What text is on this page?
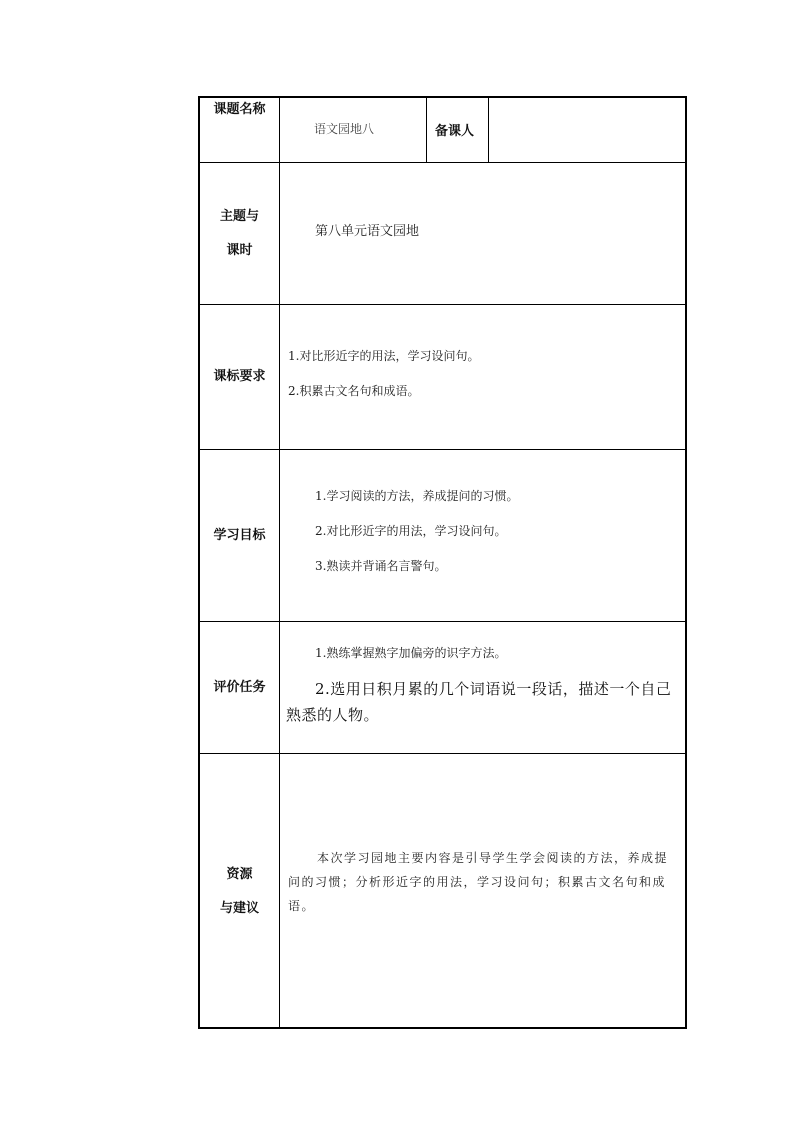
课题名称
语文园地八	备课人
主题与
课时
第八单元语文园地
课标要求
1.对比形近字的用法，学习设问句。
2.积累古文名句和成语。
学习目标
1.学习阅读的方法，养成提问的习惯。
2.对比形近字的用法，学习设问句。
3.熟读并背诵名言警句。
评价任务
1.熟练掌握熟字加偏旁的识字方法。
2.选用日积月累的几个词语说一段话，描述一个自己熟悉的人物。
资源
与建议
本次学习园地主要内容是引导学生学会阅读的方法，养成提问的习惯；分析形近字的用法，学习设问句；积累古文名句和成语。
